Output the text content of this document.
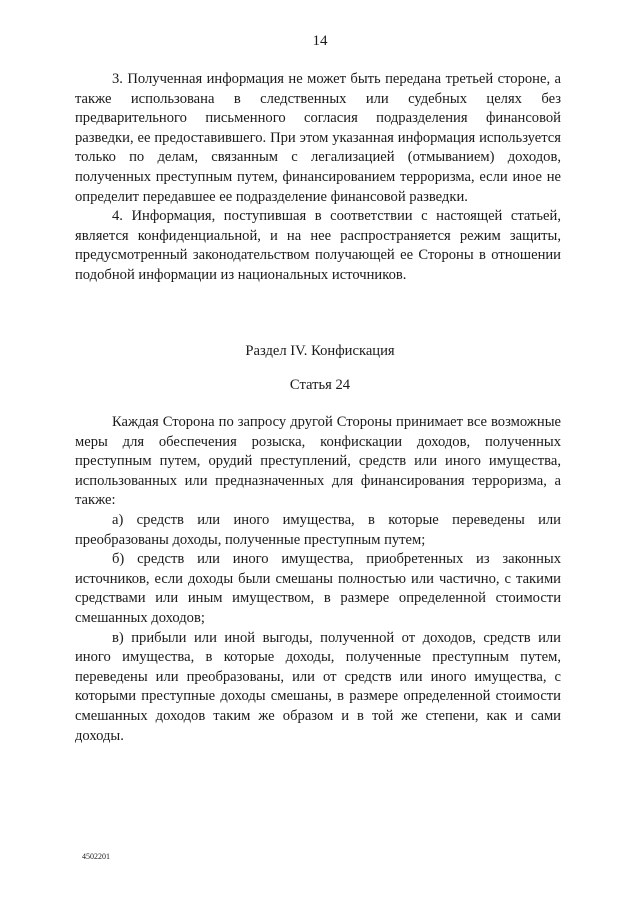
14

3. Полученная информация не может быть передана третьей стороне, а также использована в следственных или судебных целях без предварительного письменного согласия подразделения финансовой разведки, ее предоставившего. При этом указанная информация используется только по делам, связанным с легализацией (отмыванием) доходов, полученных преступным путем, финансированием терроризма, если иное не определит передавшее ее подразделение финансовой разведки.

4. Информация, поступившая в соответствии с настоящей статьей, является конфиденциальной, и на нее распространяется режим защиты, предусмотренный законодательством получающей ее Стороны в отношении подобной информации из национальных источников.

Раздел IV. Конфискация
Статья 24

Каждая Сторона по запросу другой Стороны принимает все возможные меры для обеспечения розыска, конфискации доходов, полученных преступным путем, орудий преступлений, средств или иного имущества, использованных или предназначенных для финансирования терроризма, а также:

а) средств или иного имущества, в которые переведены или преобразованы доходы, полученные преступным путем;

б) средств или иного имущества, приобретенных из законных источников, если доходы были смешаны полностью или частично, с такими средствами или иным имуществом, в размере определенной стоимости смешанных доходов;

в) прибыли или иной выгоды, полученной от доходов, средств или иного имущества, в которые доходы, полученные преступным путем, переведены или преобразованы, или от средств или иного имущества, с которыми преступные доходы смешаны, в размере определенной стоимости смешанных доходов таким же образом и в той же степени, как и сами доходы.

4502201
